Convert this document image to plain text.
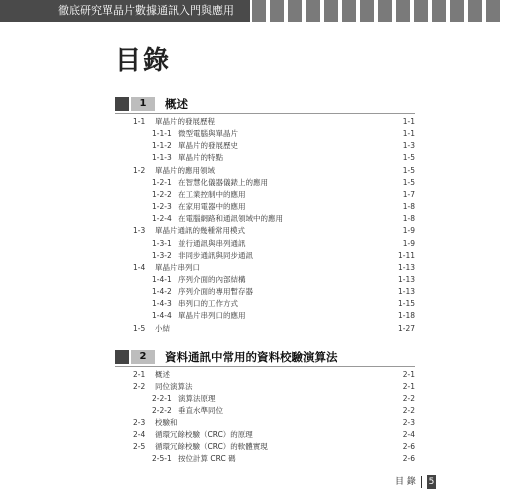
徹底研究單晶片數據通訊入門與應用
目錄
1	概述
1-1 單晶片的發展歷程	1-1
1-1-1 微型電腦與單晶片	1-1
1-1-2 單晶片的發展歷史	1-3
1-1-3 單晶片的特點	1-5
1-2 單晶片的應用領域	1-5
1-2-1 在智慧化儀器儀錶上的應用	1-5
1-2-2 在工業控制中的應用	1-7
1-2-3 在家用電器中的應用	1-8
1-2-4 在電腦網路和通訊領域中的應用	1-8
1-3 單晶片通訊的幾種常用模式	1-9
1-3-1 並行通訊與串列通訊	1-9
1-3-2 非同步通訊與同步通訊	1-11
1-4 單晶片串列口	1-13
1-4-1 序列介面的內部結構	1-13
1-4-2 序列介面的專用暫存器	1-13
1-4-3 串列口的工作方式	1-15
1-4-4 單晶片串列口的應用	1-18
1-5 小結	1-27
2	資料通訊中常用的資料校驗演算法
2-1 概述	2-1
2-2 同位演算法	2-1
2-2-1 演算法原理	2-2
2-2-2 垂直水準同位	2-2
2-3 校驗和	2-3
2-4 循環冗餘校驗（CRC）的原理	2-4
2-5 循環冗餘校驗（CRC）的軟體實現	2-6
2-5-1 按位計算 CRC 碼	2-6
目 錄 5
